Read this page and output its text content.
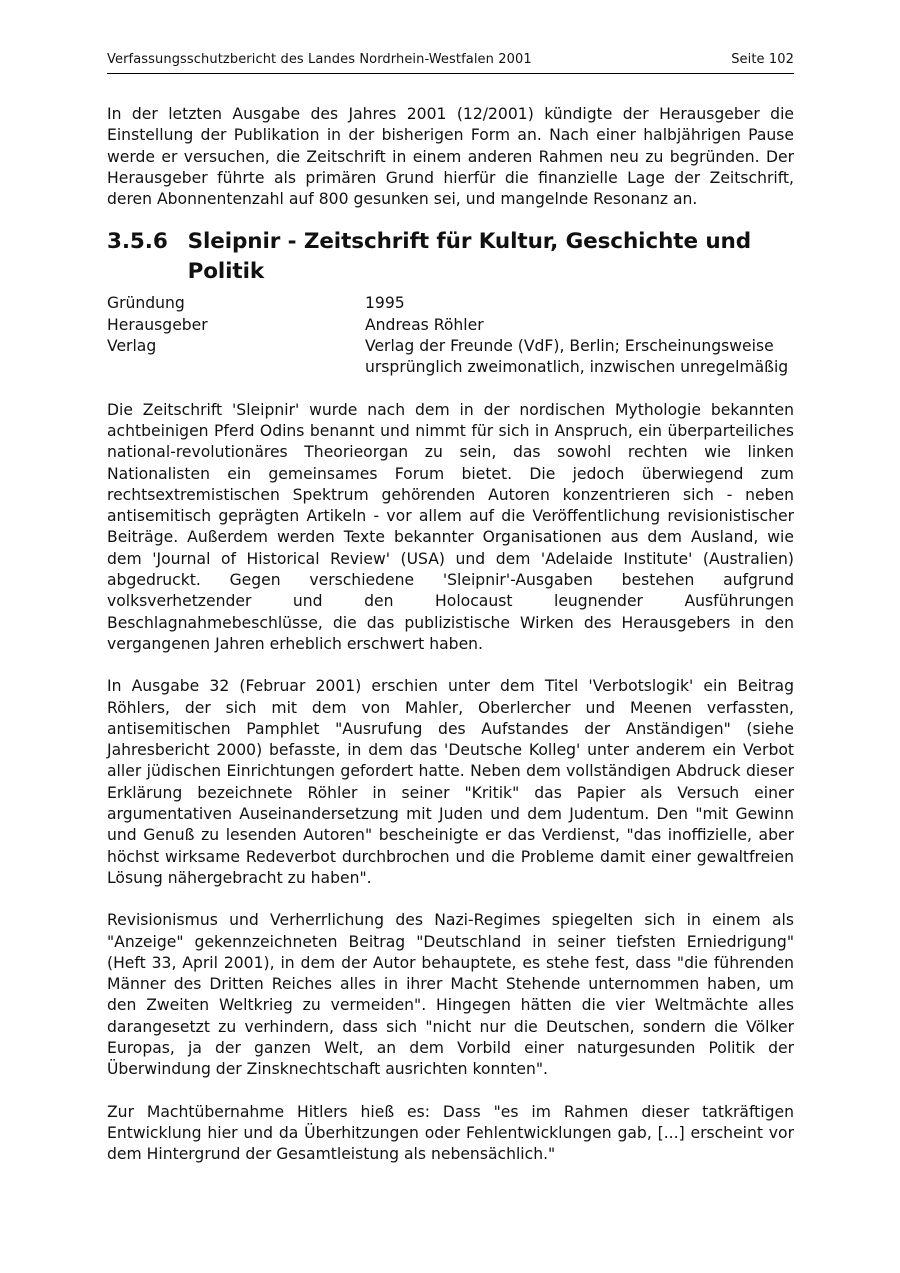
Verfassungsschutzbericht des Landes Nordrhein-Westfalen 2001	Seite 102

In der letzten Ausgabe des Jahres 2001 (12/2001) kündigte der Herausgeber die Einstellung der Publikation in der bisherigen Form an. Nach einer halbjährigen Pause werde er versuchen, die Zeitschrift in einem anderen Rahmen neu zu begründen. Der Herausgeber führte als primären Grund hierfür die finanzielle Lage der Zeitschrift, deren Abonnentenzahl auf 800 gesunken sei, und mangelnde Resonanz an.

3.5.6 Sleipnir - Zeitschrift für Kultur, Geschichte und Politik
Gründung	1995
Herausgeber	Andreas Röhler
Verlag	Verlag der Freunde (VdF), Berlin; Erscheinungsweise ursprünglich zweimonatlich, inzwischen unregelmäßig

Die Zeitschrift 'Sleipnir' wurde nach dem in der nordischen Mythologie bekannten achtbeinigen Pferd Odins benannt und nimmt für sich in Anspruch, ein überparteiliches national-revolutionäres Theorieorgan zu sein, das sowohl rechten wie linken Nationalisten ein gemeinsames Forum bietet. Die jedoch überwiegend zum rechtsextremistischen Spektrum gehörenden Autoren konzentrieren sich - neben antisemitisch geprägten Artikeln - vor allem auf die Veröffentlichung revisionistischer Beiträge. Außerdem werden Texte bekannter Organisationen aus dem Ausland, wie dem 'Journal of Historical Review' (USA) und dem 'Adelaide Institute' (Australien) abgedruckt. Gegen verschiedene 'Sleipnir'-Ausgaben bestehen aufgrund volksverhetzender und den Holocaust leugnender Ausführungen Beschlagnahmebeschlüsse, die das publizistische Wirken des Herausgebers in den vergangenen Jahren erheblich erschwert haben.

In Ausgabe 32 (Februar 2001) erschien unter dem Titel 'Verbotslogik' ein Beitrag Röhlers, der sich mit dem von Mahler, Oberlercher und Meenen verfassten, antisemitischen Pamphlet "Ausrufung des Aufstandes der Anständigen" (siehe Jahresbericht 2000) befasste, in dem das 'Deutsche Kolleg' unter anderem ein Verbot aller jüdischen Einrichtungen gefordert hatte. Neben dem vollständigen Abdruck dieser Erklärung bezeichnete Röhler in seiner "Kritik" das Papier als Versuch einer argumentativen Auseinandersetzung mit Juden und dem Judentum. Den "mit Gewinn und Genuß zu lesenden Autoren" bescheinigte er das Verdienst, "das inoffizielle, aber höchst wirksame Redeverbot durchbrochen und die Probleme damit einer gewaltfreien Lösung nähergebracht zu haben".

Revisionismus und Verherrlichung des Nazi-Regimes spiegelten sich in einem als "Anzeige" gekennzeichneten Beitrag "Deutschland in seiner tiefsten Erniedrigung" (Heft 33, April 2001), in dem der Autor behauptete, es stehe fest, dass "die führenden Männer des Dritten Reiches alles in ihrer Macht Stehende unternommen haben, um den Zweiten Weltkrieg zu vermeiden". Hingegen hätten die vier Weltmächte alles darangesetzt zu verhindern, dass sich "nicht nur die Deutschen, sondern die Völker Europas, ja der ganzen Welt, an dem Vorbild einer naturgesunden Politik der Überwindung der Zinsknechtschaft ausrichten konnten".

Zur Machtübernahme Hitlers hieß es: Dass "es im Rahmen dieser tatkräftigen Entwicklung hier und da Überhitzungen oder Fehlentwicklungen gab, [...] erscheint vor dem Hintergrund der Gesamtleistung als nebensächlich."
